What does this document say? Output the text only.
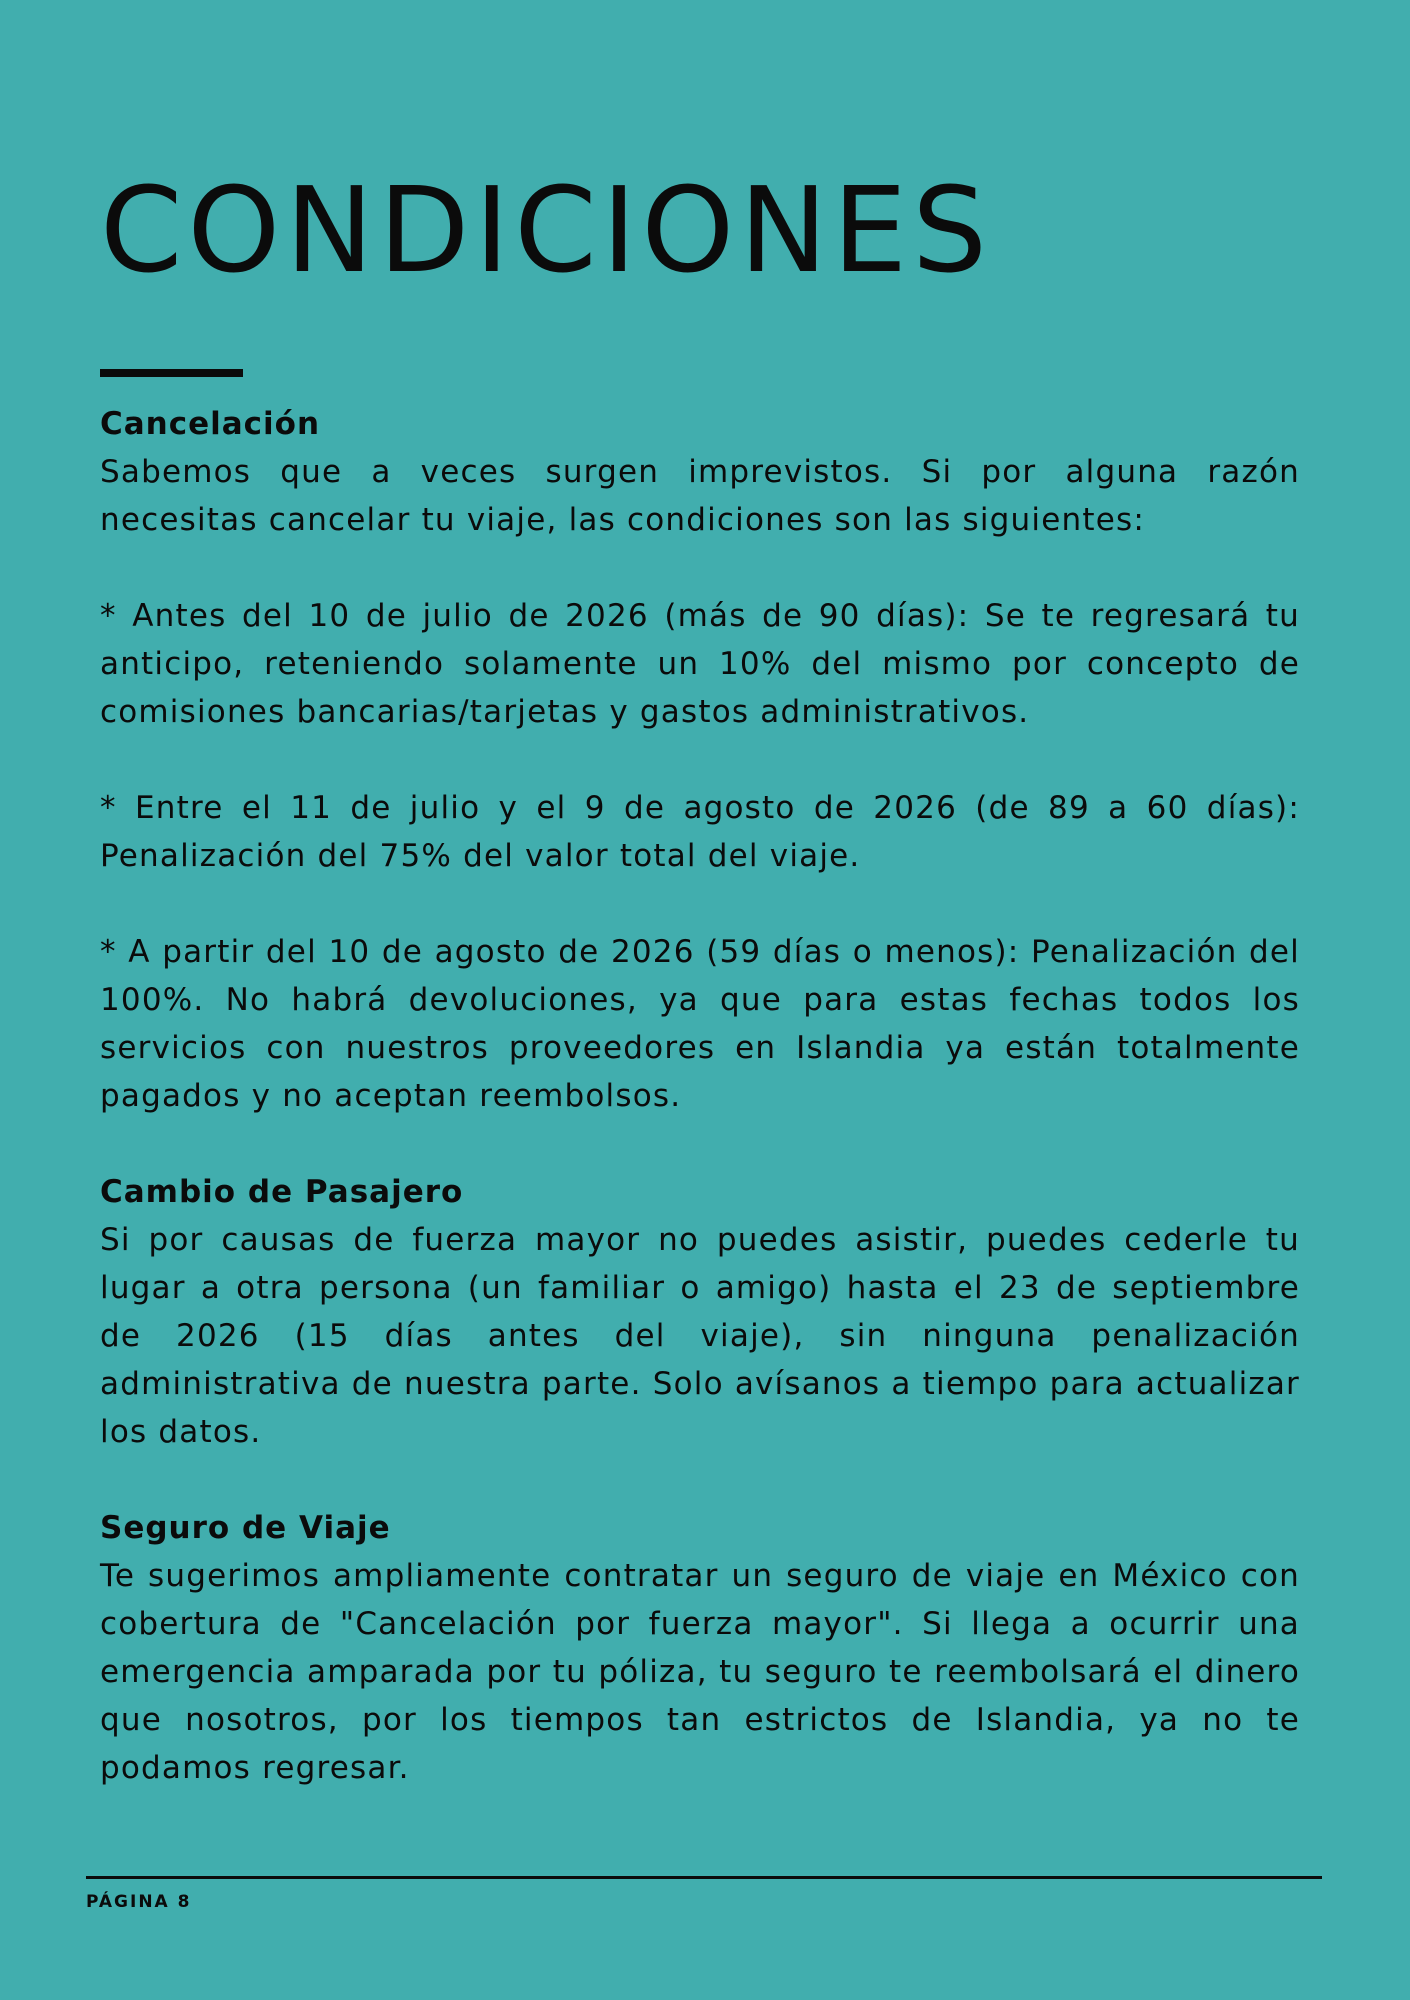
CONDICIONES

Cancelación

Sabemos que a veces surgen imprevistos. Si por alguna razón necesitas cancelar tu viaje, las condiciones son las siguientes:

* Antes del 10 de julio de 2026 (más de 90 días): Se te regresará tu anticipo, reteniendo solamente un 10% del mismo por concepto de comisiones bancarias/tarjetas y gastos administrativos.

* Entre el 11 de julio y el 9 de agosto de 2026 (de 89 a 60 días): Penalización del 75% del valor total del viaje.

* A partir del 10 de agosto de 2026 (59 días o menos): Penalización del 100%. No habrá devoluciones, ya que para estas fechas todos los servicios con nuestros proveedores en Islandia ya están totalmente pagados y no aceptan reembolsos.

Cambio de Pasajero

Si por causas de fuerza mayor no puedes asistir, puedes cederle tu lugar a otra persona (un familiar o amigo) hasta el 23 de septiembre de 2026 (15 días antes del viaje), sin ninguna penalización administrativa de nuestra parte. Solo avísanos a tiempo para actualizar los datos.

Seguro de Viaje

Te sugerimos ampliamente contratar un seguro de viaje en México con cobertura de "Cancelación por fuerza mayor". Si llega a ocurrir una emergencia amparada por tu póliza, tu seguro te reembolsará el dinero que nosotros, por los tiempos tan estrictos de Islandia, ya no te podamos regresar.

PÁGINA 8
